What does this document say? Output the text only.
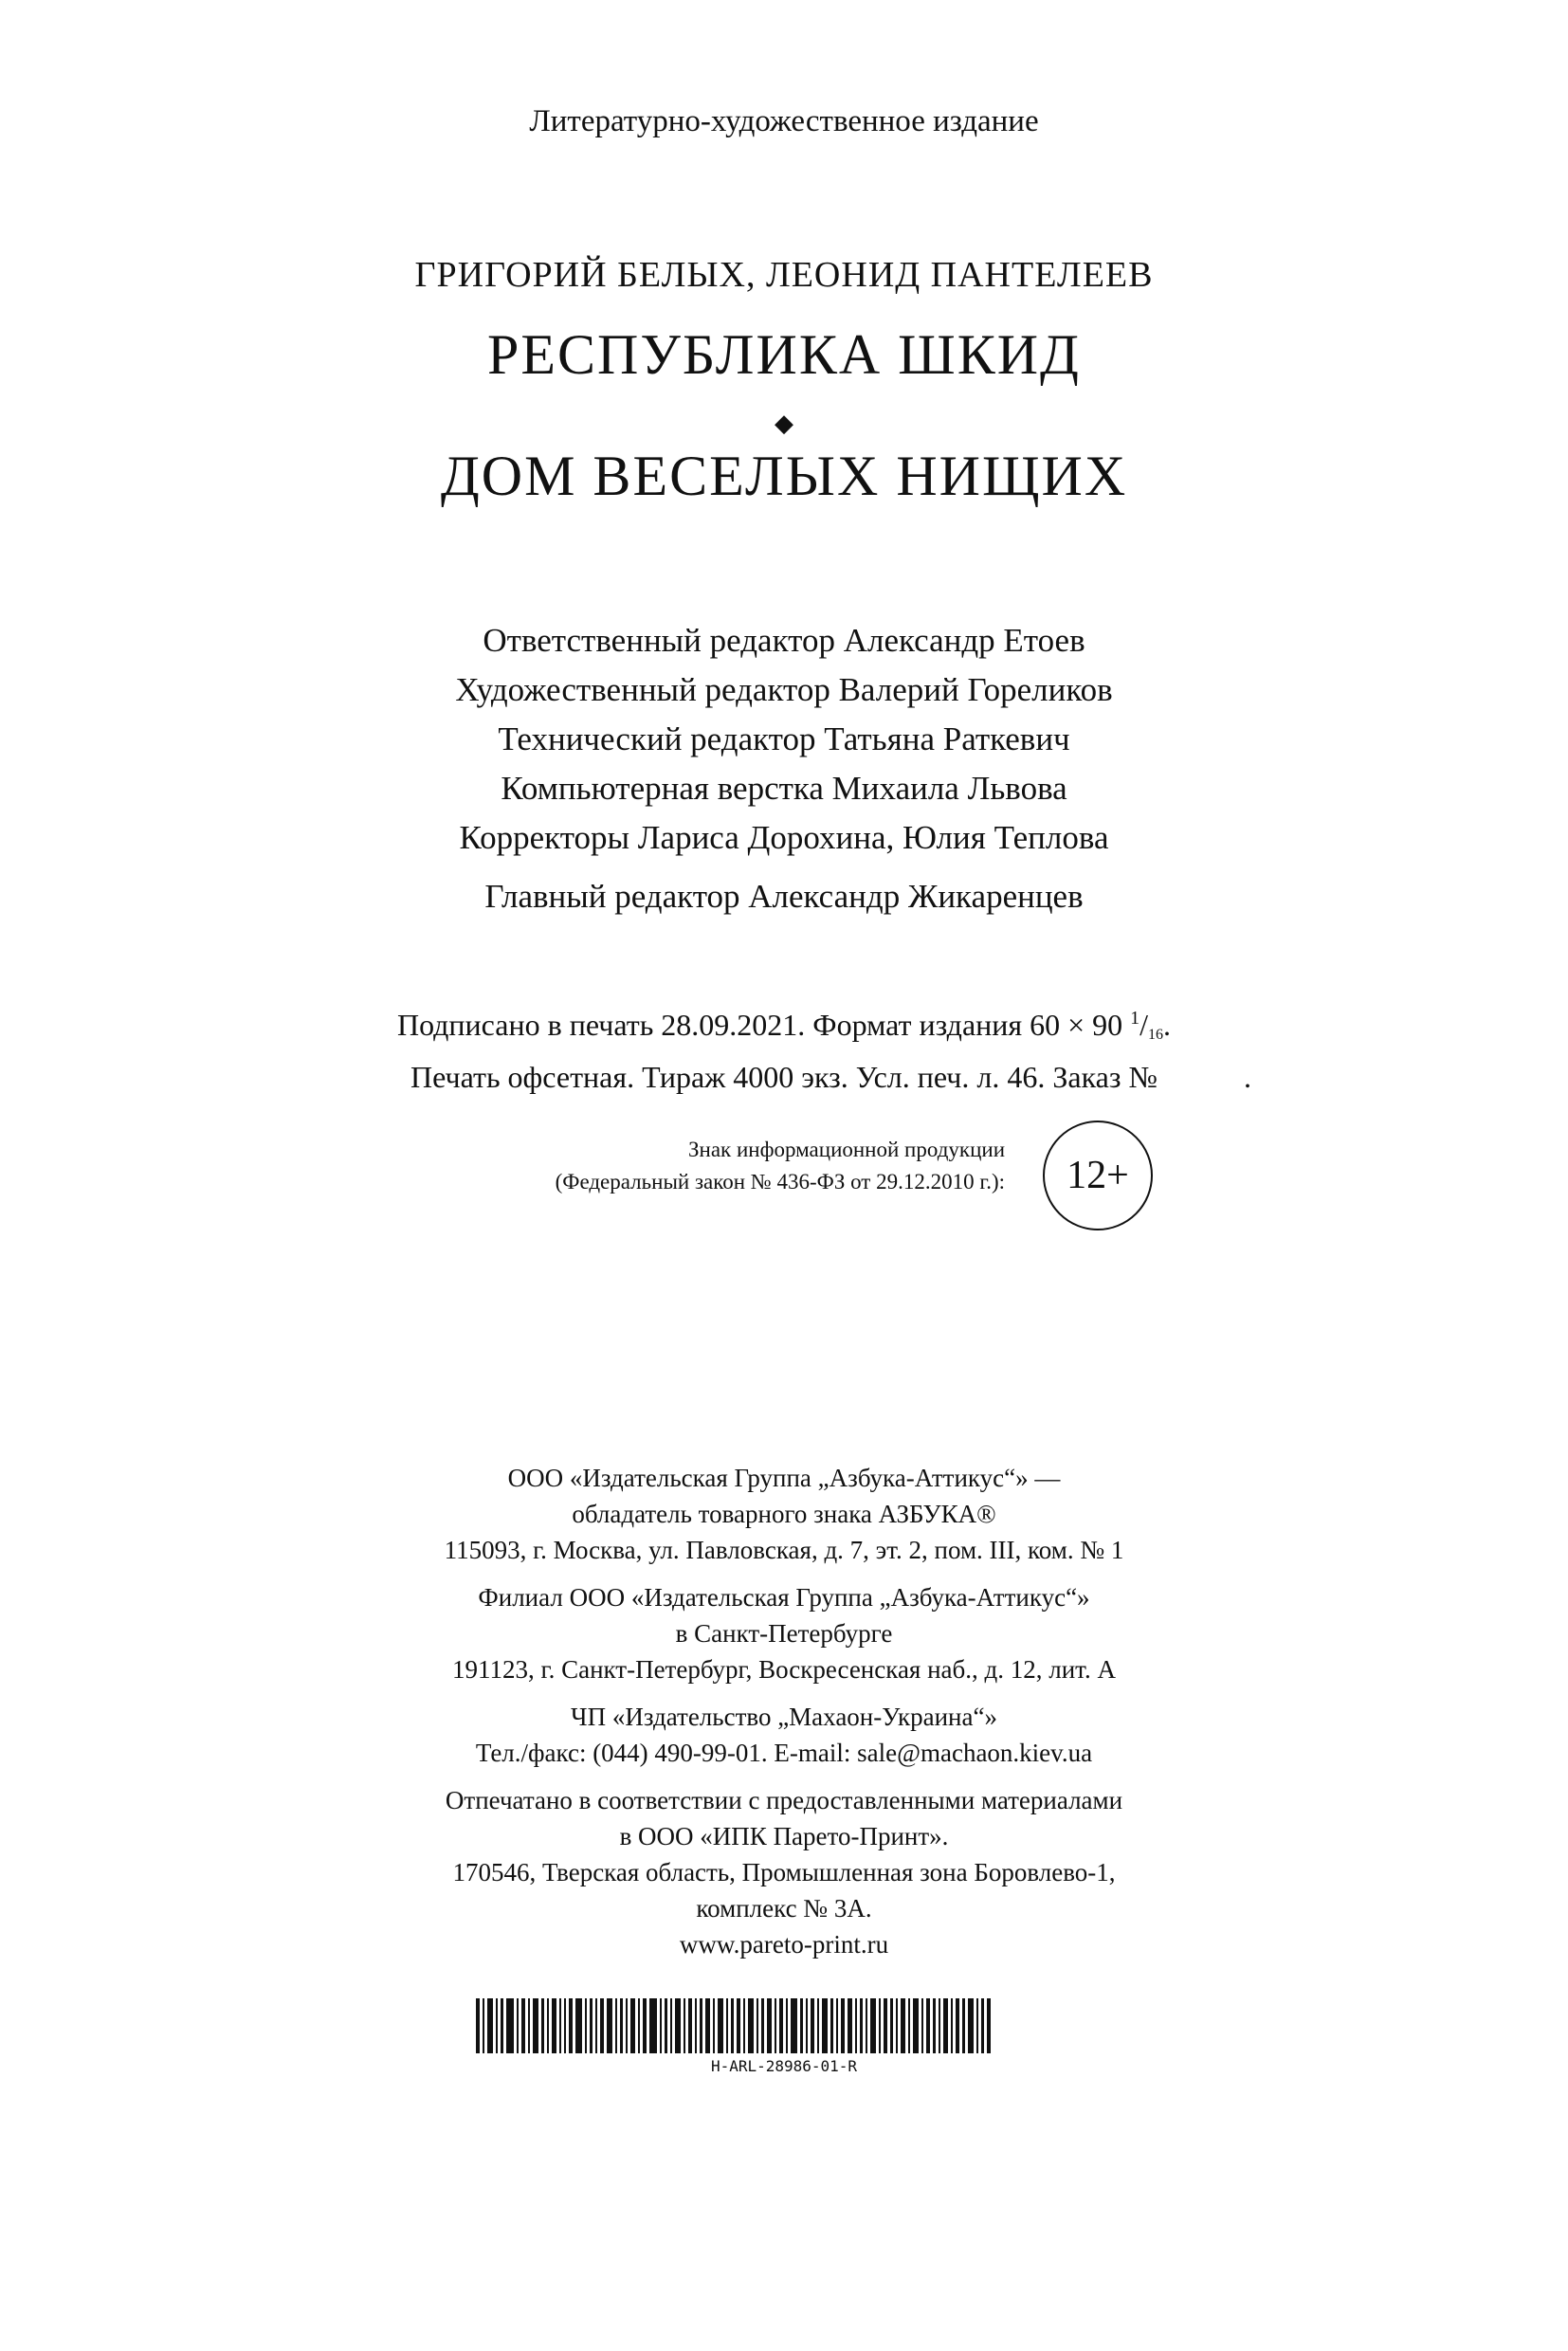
Литературно-художественное издание
ГРИГОРИЙ БЕЛЫХ, ЛЕОНИД ПАНТЕЛЕЕВ
РЕСПУБЛИКА ШКИД
◆
ДОМ ВЕСЕЛЫХ НИЩИХ
Ответственный редактор Александр Етоев
Художественный редактор Валерий Гореликов
Технический редактор Татьяна Раткевич
Компьютерная верстка Михаила Львова
Корректоры Лариса Дорохина, Юлия Теплова
Главный редактор Александр Жикаренцев
Подписано в печать 28.09.2021. Формат издания 60 × 90 $^1/_{16}$.
Печать офсетная. Тираж 4000 экз. Усл. печ. л. 46. Заказ №	.
Знак информационной продукции
(Федеральный закон № 436-ФЗ от 29.12.2010 г.):	12+
ООО «Издательская Группа „Азбука-Аттикус“» —
обладатель товарного знака АЗБУКА®
115093, г. Москва, ул. Павловская, д. 7, эт. 2, пом. III, ком. № 1
Филиал ООО «Издательская Группа „Азбука-Аттикус“»
в Санкт-Петербурге
191123, г. Санкт-Петербург, Воскресенская наб., д. 12, лит. А
ЧП «Издательство „Махаон-Украина“»
Тел./факс: (044) 490-99-01. E-mail: sale@machaon.kiev.ua
Отпечатано в соответствии с предоставленными материалами
в ООО «ИПК Парето-Принт».
170546, Тверская область, Промышленная зона Боровлево-1,
комплекс № 3А.
www.pareto-print.ru
H-ARL-28986-01-R
